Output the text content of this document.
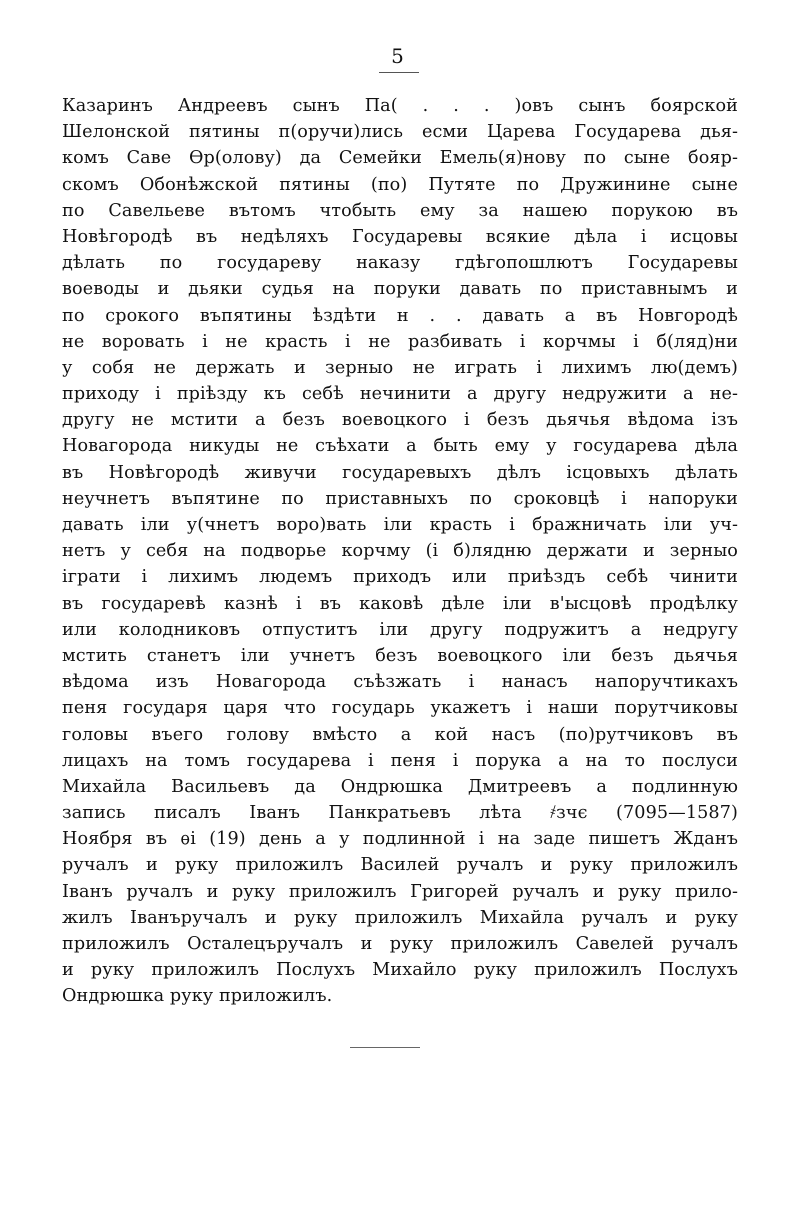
5
Казаринъ Андреевъ сынъ Па( . . . )овъ сынъ боярской
Шелонской пятины п(оручи)лись есми Царева Государева дья-
комъ Саве Ѳр(олову) да Семейки Емель(я)нову по сыне бояр-
скомъ Обонѣжской пятины (по) Путяте по Дружинине сыне
по Савельеве вътомъ чтобыть ему за нашею порукою въ
Новѣгородѣ въ недѣляхъ Государевы всякие дѣла і исцовы
дѣлать по государеву наказу гдѣгопошлютъ Государевы
воеводы и дьяки судья на поруки давать по приставнымъ и
по срокого въпятины ѣздѣти н . . давать а въ Новгородѣ
не воровать і не красть і не разбивать і корчмы і б(ляд)ни
у собя не держать и зерныо не играть і лихимъ лю(демъ)
приходу і пріѣзду къ себѣ нечинити а другу недружити а не-
другу не мстити а безъ воевоцкого і безъ дьячья вѣдома ізъ
Новагорода никуды не съѣхати а быть ему у государева дѣла
въ Новѣгородѣ живучи государевыхъ дѣлъ ісцовыхъ дѣлать
неучнетъ въпятине по приставныхъ по сроковцѣ і напоруки
давать іли у(чнетъ воро)вать іли красть і бражничать іли уч-
нетъ у себя на подворье корчму (і б)лядню держати и зерныо
іграти і лихимъ людемъ приходъ или приѣздъ себѣ чинити
въ государевѣ казнѣ і въ каковѣ дѣле іли в'ысцовѣ продѣлку
или колодниковъ отпуститъ іли другу подружитъ а недругу
мстить станетъ іли учнетъ безъ воевоцкого іли безъ дьячья
вѣдома изъ Новагорода съѣзжать і нанасъ напоручтикахъ
пеня государя царя что государь укажетъ і наши порутчиковы
головы въего голову вмѣсто а кой насъ (по)рутчиковъ въ
лицахъ на томъ государева і пеня і порука а на то послуси
Михайла Васильевъ да Ондрюшка Дмитреевъ а подлинную
запись писалъ Іванъ Панкратьевъ лѣта ҂зчє (7095—1587)
Ноября въ ѳі (19) день а у подлинной і на заде пишетъ Жданъ
ручалъ и руку приложилъ Василей ручалъ и руку приложилъ
Іванъ ручалъ и руку приложилъ Григорей ручалъ и руку прило-
жилъ Іванъручалъ и руку приложилъ Михайла ручалъ и руку
приложилъ Осталецъручалъ и руку приложилъ Савелей ручалъ
и руку приложилъ Послухъ Михайло руку приложилъ Послухъ
Ондрюшка руку приложилъ.
